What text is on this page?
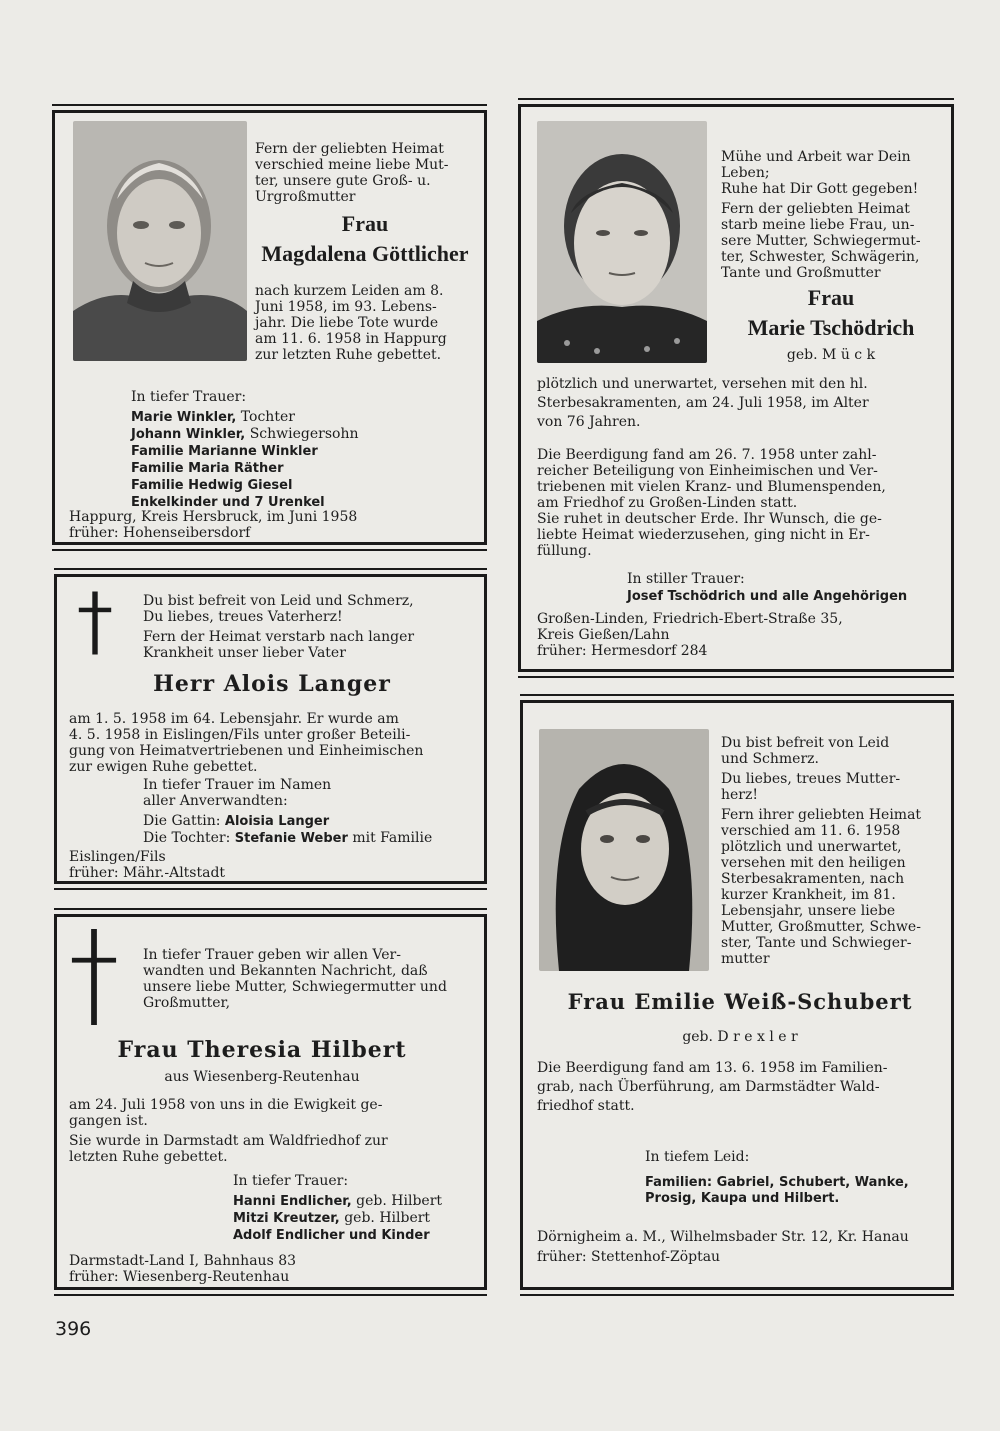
Fern der geliebten Heimat
verschied meine liebe Mut-
ter, unsere gute Groß- u.
Urgroßmutter
Frau
Magdalena Göttlicher
nach kurzem Leiden am 8.
Juni 1958, im 93. Lebens-
jahr. Die liebe Tote wurde
am 11. 6. 1958 in Happurg
zur letzten Ruhe gebettet.
In tiefer Trauer:
Marie Winkler, Tochter
Johann Winkler, Schwiegersohn
Familie Marianne Winkler
Familie Maria Räther
Familie Hedwig Giesel
Enkelkinder und 7 Urenkel
Happurg, Kreis Hersbruck, im Juni 1958
früher: Hohenseibersdorf
Du bist befreit von Leid und Schmerz,
Du liebes, treues Vaterherz!
Fern der Heimat verstarb nach langer
Krankheit unser lieber Vater
Herr Alois Langer
am 1. 5. 1958 im 64. Lebensjahr. Er wurde am
4. 5. 1958 in Eislingen/Fils unter großer Beteili-
gung von Heimatvertriebenen und Einheimischen
zur ewigen Ruhe gebettet.
In tiefer Trauer im Namen
aller Anverwandten:
Die Gattin: Aloisia Langer
Die Tochter: Stefanie Weber mit Familie
Eislingen/Fils
früher: Mähr.-Altstadt
In tiefer Trauer geben wir allen Ver-
wandten und Bekannten Nachricht, daß
unsere liebe Mutter, Schwiegermutter und
Großmutter,
Frau Theresia Hilbert
aus Wiesenberg-Reutenhau
am 24. Juli 1958 von uns in die Ewigkeit ge-
gangen ist.
Sie wurde in Darmstadt am Waldfriedhof zur
letzten Ruhe gebettet.
In tiefer Trauer:
Hanni Endlicher, geb. Hilbert
Mitzi Kreutzer, geb. Hilbert
Adolf Endlicher und Kinder
Darmstadt-Land I, Bahnhaus 83
früher: Wiesenberg-Reutenhau
Mühe und Arbeit war Dein
Leben;
Ruhe hat Dir Gott gegeben!
Fern der geliebten Heimat
starb meine liebe Frau, un-
sere Mutter, Schwiegermut-
ter, Schwester, Schwägerin,
Tante und Großmutter
Frau
Marie Tschödrich
geb. M ü c k
plötzlich und unerwartet, versehen mit den hl.
Sterbesakramenten, am 24. Juli 1958, im Alter
von 76 Jahren.
Die Beerdigung fand am 26. 7. 1958 unter zahl-
reicher Beteiligung von Einheimischen und Ver-
triebenen mit vielen Kranz- und Blumenspenden,
am Friedhof zu Großen-Linden statt.
Sie ruhet in deutscher Erde. Ihr Wunsch, die ge-
liebte Heimat wiederzusehen, ging nicht in Er-
füllung.
In stiller Trauer:
Josef Tschödrich und alle Angehörigen
Großen-Linden, Friedrich-Ebert-Straße 35,
Kreis Gießen/Lahn
früher: Hermesdorf 284
Du bist befreit von Leid
und Schmerz.
Du liebes, treues Mutter-
herz!
Fern ihrer geliebten Heimat
verschied am 11. 6. 1958
plötzlich und unerwartet,
versehen mit den heiligen
Sterbesakramenten, nach
kurzer Krankheit, im 81.
Lebensjahr, unsere liebe
Mutter, Großmutter, Schwe-
ster, Tante und Schwieger-
mutter
Frau Emilie Weiß-Schubert
geb. D r e x l e r
Die Beerdigung fand am 13. 6. 1958 im Familien-
grab, nach Überführung, am Darmstädter Wald-
friedhof statt.
In tiefem Leid:
Familien: Gabriel, Schubert, Wanke,
Prosig, Kaupa und Hilbert.
Dörnigheim a. M., Wilhelmsbader Str. 12, Kr. Hanau
früher: Stettenhof-Zöptau
396
